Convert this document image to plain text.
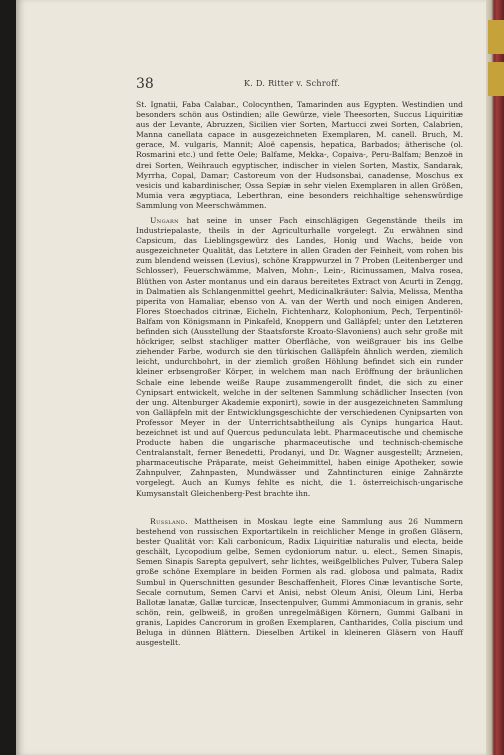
38	K. D. Ritter v. Schroff.

St. Ignatii, Faba Calabar., Colocynthen, Tamarinden aus Egypten. Westindien und besonders schön aus Ostindien; alle Gewürze, viele Theesorten, Succus Liquiritiæ aus der Levante, Abruzzen, Sicilien vier Sorten, Martucci zwei Sorten, Calabrien, Manna canellata capace in ausgezeichneten Exemplaren, M. canell. Bruch, M. gerace, M. vulgaris, Mannit; Aloë capensis, hepatica, Barbados; ätherische (ol. Rosmarini etc.) und fette Oele; Balfame, Mekka-, Copaiva-, Peru-Balfam; Benzoë in drei Sorten, Weihrauch egyptischer, indischer in vielen Sorten, Mastix, Sandarak, Myrrha, Copal, Damar; Castoreum von der Hudsonsbai, canadense, Moschus ex vesicis und kabardinischer, Ossa Sepiæ in sehr vielen Exemplaren in allen Größen, Mumia vera ægyptiaca, Leberthran, eine besonders reichhaltige sehenswürdige Sammlung von Meerschwämmen.

Ungarn hat seine in unser Fach einschlägigen Gegenstände theils im Industriepalaste, theils in der Agriculturhalle vorgelegt. Zu erwähnen sind Capsicum, das Lieblingsgewürz des Landes, Honig und Wachs, beide von ausgezeichneter Qualität, das Letztere in allen Graden der Feinheit, vom rohen bis zum blendend weissen (Levius), schöne Krappwurzel in 7 Proben (Leitenberger und Schlosser), Feuerschwämme, Malven, Mohn-, Lein-, Ricinussamen, Malva rosea, Blüthen von Aster montanus und ein daraus bereitetes Extract von Acurti in Zengg, in Dalmatien als Schlangenmittel geehrt, Medicinalkräuter: Salvia, Melissa, Mentha piperita von Hamaliar, ebenso von A. van der Werth und noch einigen Anderen, Flores Stoechados citrinæ, Eicheln, Fichtenharz, Kolophonium, Pech, Terpentinöl-Balfam von Königsmann in Pinkafeld, Knoppern und Galläpfel; unter den Letzteren befinden sich (Ausstellung der Staatsforste Kroato-Slavoniens) auch sehr große mit höckriger, selbst stachliger matter Oberfläche, von weißgrauer bis ins Gelbe ziehender Farbe, wodurch sie den türkischen Galläpfeln ähnlich werden, ziemlich leicht, undurchbohrt, in der ziemlich großen Höhlung befindet sich ein runder kleiner erbsengroßer Körper, in welchem man nach Eröffnung der bräunlichen Schale eine lebende weiße Raupe zusammengerollt findet, die sich zu einer Cynipsart entwickelt, welche in der seltenen Sammlung schädlicher Insecten (von der ung. Altenburger Akademie exponirt), sowie in der ausgezeichneten Sammlung von Galläpfeln mit der Entwicklungsgeschichte der verschiedenen Cynipsarten von Professor Meyer in der Unterrichtsabtheilung als Cynips hungarica Haut. bezeichnet ist und auf Quercus pedunculata lebt. Pharmaceutische und chemische Producte haben die ungarische pharmaceutische und technisch-chemische Centralanstalt, ferner Benedetti, Prodanyi, und Dr. Wagner ausgestellt; Arzneien, pharmaceutische Präparate, meist Geheimmittel, haben einige Apotheker, sowie Zahnpulver, Zahnpasten, Mundwässer und Zahntincturen einige Zahnärzte vorgelegt. Auch an Kumys fehlte es nicht, die 1. österreichisch-ungarische Kumysanstalt Gleichenberg-Pest brachte ihn.

Russland. Mattheisen in Moskau legte eine Sammlung aus 26 Nummern bestehend von russischen Exportartikeln in reichlicher Menge in großen Gläsern, bester Qualität vor: Kali carbonicum, Radix Liquiritiæ naturalis und electa, beide geschält, Lycopodium gelbe, Semen cydoniorum natur. u. elect., Semen Sinapis, Semen Sinapis Sarepta gepulvert, sehr lichtes, weißgelbliches Pulver, Tubera Salep große schöne Exemplare in beiden Formen als rad. globosa und palmata, Radix Sumbul in Querschnitten gesunder Beschaffenheit, Flores Cinæ levantische Sorte, Secale cornutum, Semen Carvi et Anisi, nebst Oleum Anisi, Oleum Lini, Herba Ballotæ lanatæ, Gallæ turcicæ, Insectenpulver, Gummi Ammoniacum in granis, sehr schön, rein, gelbweiß, in großen unregelmäßigen Körnern, Gummi Galbani in granis, Lapides Cancrorum in großen Exemplaren, Cantharides, Colla piscium und Beluga in dünnen Blättern. Dieselben Artikel in kleineren Gläsern von Hauff ausgestellt.
